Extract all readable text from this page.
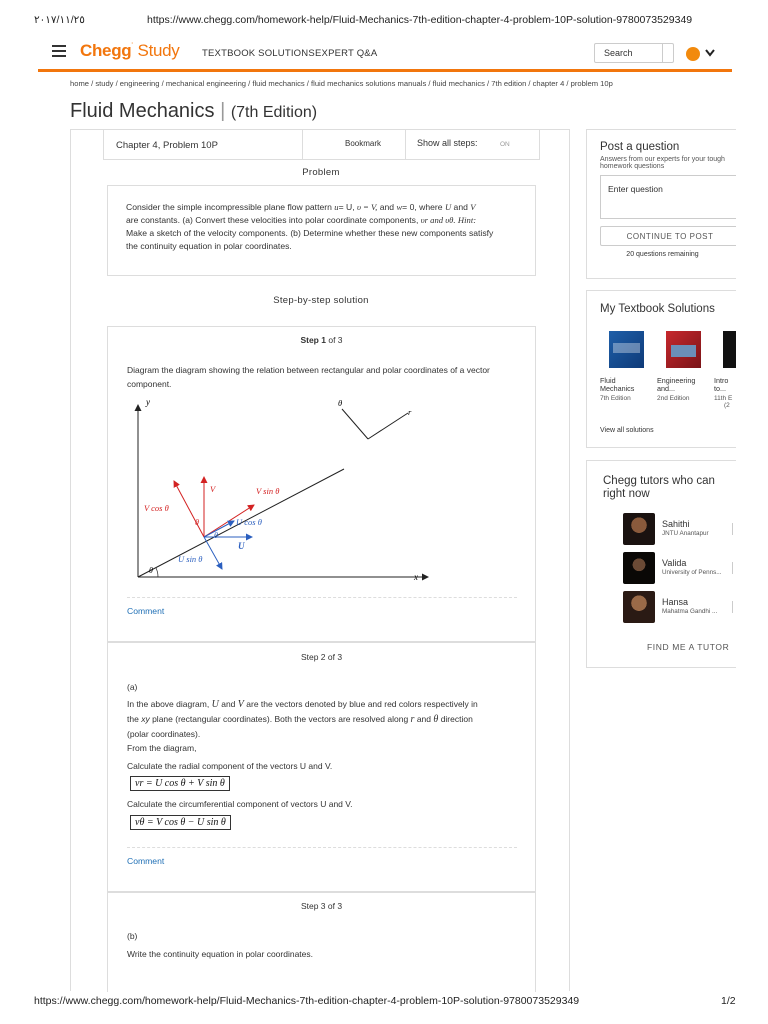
٢٠١٧/١١/٢٥	https://www.chegg.com/homework-help/Fluid-Mechanics-7th-edition-chapter-4-problem-10P-solution-9780073529349
Chegg· Study TEXTBOOK SOLUTIONS EXPERT Q&A	Search
home / study / engineering / mechanical engineering / fluid mechanics / fluid mechanics solutions manuals / fluid mechanics / 7th edition / chapter 4 / problem 10p
Fluid Mechanics | (7th Edition)
Chapter 4, Problem 10P	Bookmark	Show all steps:	ON
Problem
Consider the simple incompressible plane flow pattern u= U, υ = V, and w= 0, where U and V
are constants. (a) Convert these velocities into polar coordinate components, υr and υθ. Hint:
Make a sketch of the velocity components. (b) Determine whether these new components satisfy
the continuity equation in polar coordinates.
Step-by-step solution
Step 1 of 3
Diagram the diagram showing the relation between rectangular and polar coordinates of a vector
component.
y
x
θ
V	V sin θ
V cos θ
θ
U
U cos θ
U sin θ
θ
θ
r
Comment
Step 2 of 3
(a)
In the above diagram, U and V are the vectors denoted by blue and red colors respectively in
the xy plane (rectangular coordinates). Both the vectors are resolved along r and θ direction
(polar coordinates).
From the diagram,
Calculate the radial component of the vectors U and V.
vr = U cos θ + V sin θ
Calculate the circumferential component of vectors U and V.
vθ = V cos θ − U sin θ
Comment
Step 3 of 3
(b)
Write the continuity equation in polar coordinates.
Post a question
Answers from our experts for your tough
homework questions
Enter question
CONTINUE TO POST
20 questions remaining
My Textbook Solutions
Fluid
Mechanics
7th Edition
Engineering
and...
2nd Edition
Intro
to...
11th E
(2
View all solutions
Chegg tutors who can
right now
Sahithi
JNTU Anantapur
Valida
University of Penns...
Hansa
Mahatma Gandhi ...
FIND ME A TUTOR
https://www.chegg.com/homework-help/Fluid-Mechanics-7th-edition-chapter-4-problem-10P-solution-9780073529349	1/2
